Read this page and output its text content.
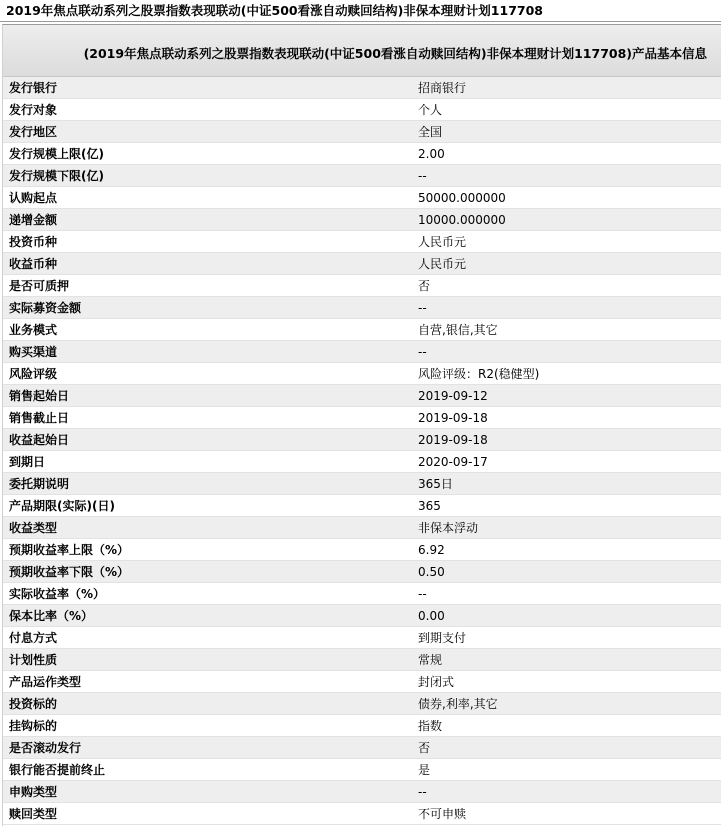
2019年焦点联动系列之股票指数表现联动(中证500看涨自动赎回结构)非保本理财计划117708
(2019年焦点联动系列之股票指数表现联动(中证500看涨自动赎回结构)非保本理财计划117708)产品基本信息
发行银行	招商银行
发行对象	个人
发行地区	全国
发行规模上限(亿)	2.00
发行规模下限(亿)	--
认购起点	50000.000000
递增金额	10000.000000
投资币种	人民币元
收益币种	人民币元
是否可质押	否
实际募资金额	--
业务模式	自营,银信,其它
购买渠道	--
风险评级	风险评级：R2(稳健型)
销售起始日	2019-09-12
销售截止日	2019-09-18
收益起始日	2019-09-18
到期日	2020-09-17
委托期说明	365日
产品期限(实际)(日)	365
收益类型	非保本浮动
预期收益率上限（%）	6.92
预期收益率下限（%）	0.50
实际收益率（%）	--
保本比率（%）	0.00
付息方式	到期支付
计划性质	常规
产品运作类型	封闭式
投资标的	债券,利率,其它
挂钩标的	指数
是否滚动发行	否
银行能否提前终止	是
申购类型	--
赎回类型	不可申赎
